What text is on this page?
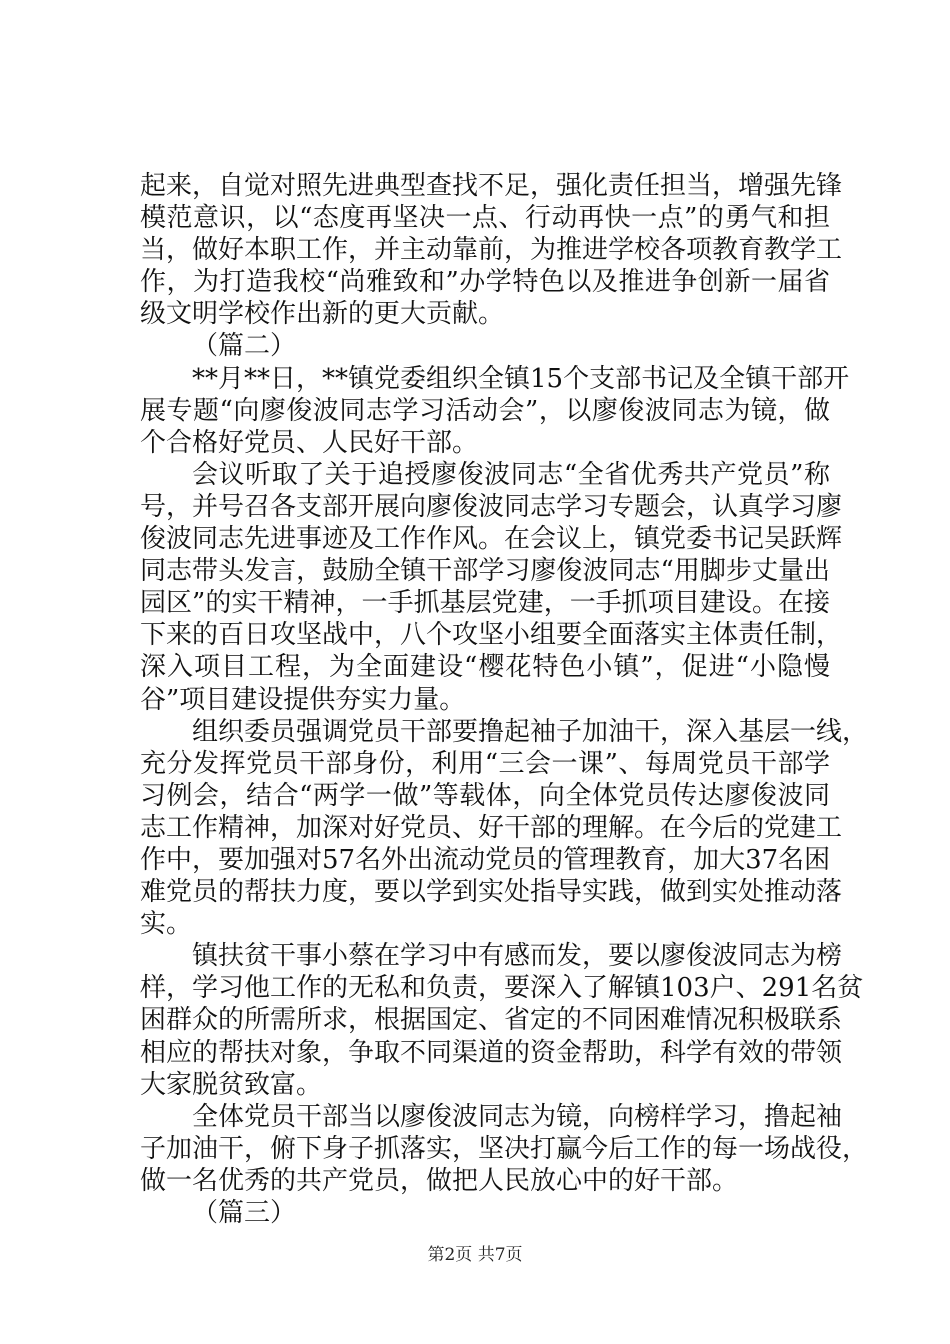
起来，自觉对照先进典型查找不足，强化责任担当，增强先锋
模范意识，以“态度再坚决一点、行动再快一点”的勇气和担
当，做好本职工作，并主动靠前，为推进学校各项教育教学工
作，为打造我校“尚雅致和”办学特色以及推进争创新一届省
级文明学校作出新的更大贡献。
（篇二）
**月**日，**镇党委组织全镇15个支部书记及全镇干部开
展专题“向廖俊波同志学习活动会”，以廖俊波同志为镜，做
个合格好党员、人民好干部。
会议听取了关于追授廖俊波同志“全省优秀共产党员”称
号，并号召各支部开展向廖俊波同志学习专题会，认真学习廖
俊波同志先进事迹及工作作风。在会议上，镇党委书记吴跃辉
同志带头发言，鼓励全镇干部学习廖俊波同志“用脚步丈量出
园区”的实干精神，一手抓基层党建，一手抓项目建设。在接
下来的百日攻坚战中，八个攻坚小组要全面落实主体责任制，
深入项目工程，为全面建设“樱花特色小镇”，促进“小隐慢
谷”项目建设提供夯实力量。
组织委员强调党员干部要撸起袖子加油干，深入基层一线，
充分发挥党员干部身份，利用“三会一课”、每周党员干部学
习例会，结合“两学一做”等载体，向全体党员传达廖俊波同
志工作精神，加深对好党员、好干部的理解。在今后的党建工
作中，要加强对57名外出流动党员的管理教育，加大37名困
难党员的帮扶力度，要以学到实处指导实践，做到实处推动落
实。
镇扶贫干事小蔡在学习中有感而发，要以廖俊波同志为榜
样，学习他工作的无私和负责，要深入了解镇103户、291名贫
困群众的所需所求，根据国定、省定的不同困难情况积极联系
相应的帮扶对象，争取不同渠道的资金帮助，科学有效的带领
大家脱贫致富。
全体党员干部当以廖俊波同志为镜，向榜样学习，撸起袖
子加油干，俯下身子抓落实，坚决打赢今后工作的每一场战役，
做一名优秀的共产党员，做把人民放心中的好干部。
（篇三）
第2页 共7页
